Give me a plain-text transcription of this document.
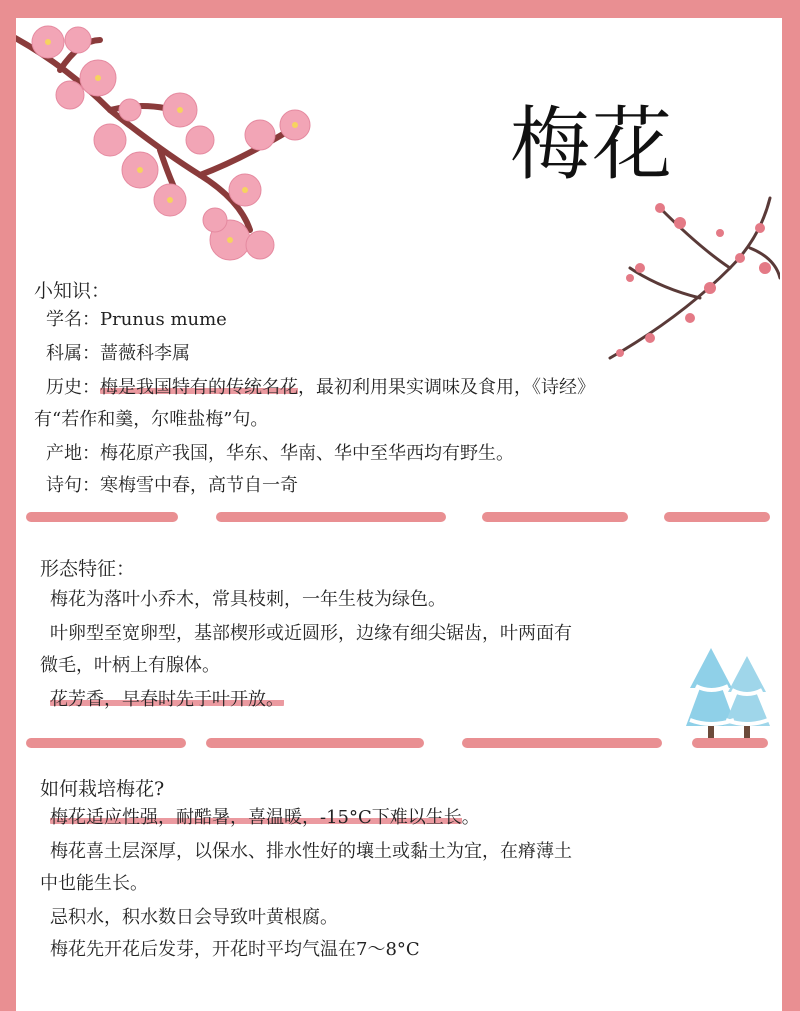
梅花
小知识：
学名：Prunus mume
科属：蔷薇科李属
历史：梅是我国特有的传统名花，最初利用果实调味及食用，《诗经》
有“若作和羹，尔唯盐梅”句。
产地：梅花原产我国，华东、华南、华中至华西均有野生。
诗句：寒梅雪中春，高节自一奇
形态特征：
梅花为落叶小乔木，常具枝刺，一年生枝为绿色。
叶卵型至宽卵型，基部楔形或近圆形，边缘有细尖锯齿，叶两面有
微毛，叶柄上有腺体。
花芳香，早春时先于叶开放。
如何栽培梅花?
梅花适应性强，耐酷暑，喜温暖，-15°C下难以生长。
梅花喜土层深厚，以保水、排水性好的壤土或黏土为宜，在瘠薄土
中也能生长。
忌积水，积水数日会导致叶黄根腐。
梅花先开花后发芽，开花时平均气温在7～8°C
